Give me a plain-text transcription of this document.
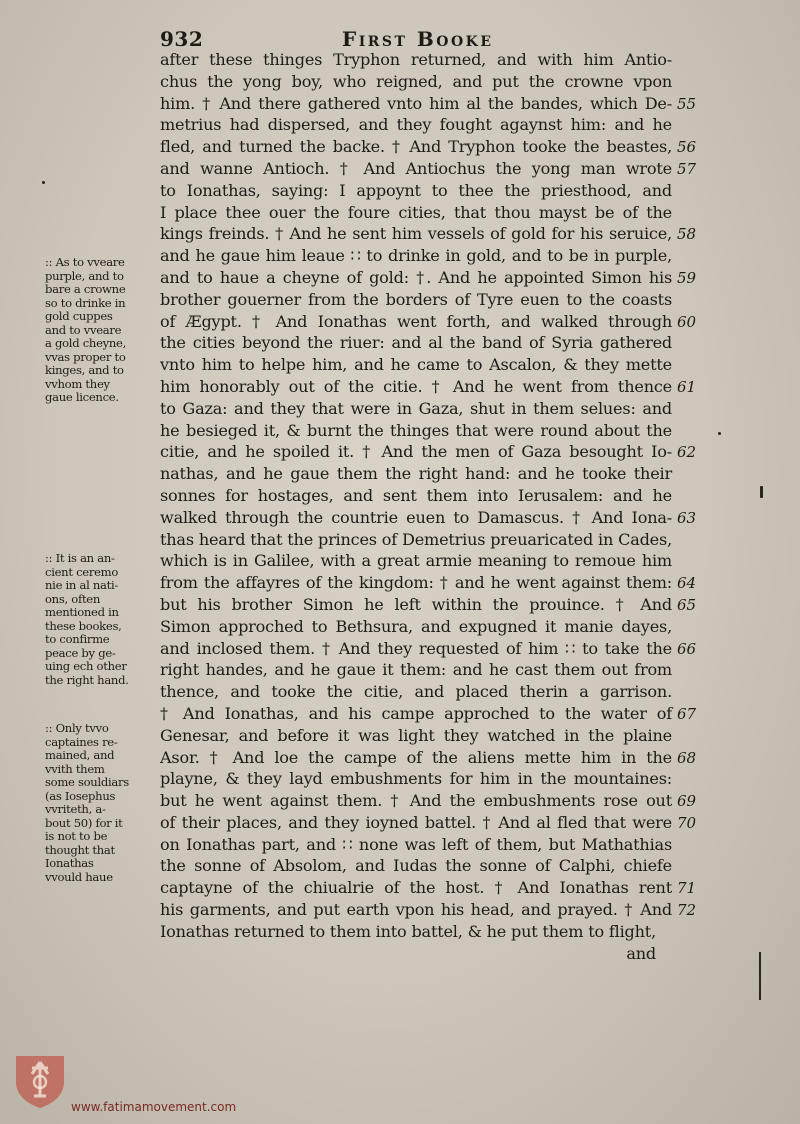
932	First Booke
after these thinges Tryphon returned, and with him Antio-
chus the yong boy, who reigned, and put the crowne vpon
him. † And there gathered vnto him al the bandes, which De-
metrius had dispersed, and they fought agaynst him: and he
fled, and turned the backe. † And Tryphon tooke the beastes,
and wanne Antioch. † And Antiochus the yong man wrote
to Ionathas, saying: I appoynt to thee the priesthood, and
I place thee ouer the foure cities, that thou mayst be of the
kings freinds. † And he sent him vessels of gold for his seruice,
and he gaue him leaue ∷ to drinke in gold, and to be in purple,
and to haue a cheyne of gold: †. And he appointed Simon his
brother gouerner from the borders of Tyre euen to the coasts
of Ægypt. † And Ionathas went forth, and walked through
the cities beyond the riuer: and al the band of Syria gathered
vnto him to helpe him, and he came to Ascalon, & they mette
him honorably out of the citie. † And he went from thence
to Gaza: and they that were in Gaza, shut in them selues: and
he besieged it, & burnt the thinges that were round about the
citie, and he spoiled it. † And the men of Gaza besought Io-
nathas, and he gaue them the right hand: and he tooke their
sonnes for hostages, and sent them into Ierusalem: and he
walked through the countrie euen to Damascus. † And Iona-
thas heard that the princes of Demetrius preuaricated in Cades,
which is in Galilee, with a great armie meaning to remoue him
from the affayres of the kingdom: † and he went against them:
but his brother Simon he left within the prouince. † And
Simon approched to Bethsura, and expugned it manie dayes,
and inclosed them. † And they requested of him ∷ to take the
right handes, and he gaue it them: and he cast them out from
thence, and tooke the citie, and placed therin a garrison.
† And Ionathas, and his campe approched to the water of
Genesar, and before it was light they watched in the plaine
Asor. † And loe the campe of the aliens mette him in the
playne, & they layd embushments for him in the mountaines:
but he went against them. † And the embushments rose out
of their places, and they ioyned battel. † And al fled that were
on Ionathas part, and ∷ none was left of them, but Mathathias
the sonne of Absolom, and Iudas the sonne of Calphi, chiefe
captayne of the chiualrie of the host. † And Ionathas rent
his garments, and put earth vpon his head, and prayed. † And
Ionathas returned to them into battel, & he put them to flight,
and
55
56
57
58
59
60
61
62
63
64
65
66
67
68
69
70
71
72
:: As to vveare
purple, and to
bare a crowne
so to drinke in
gold cuppes
and to vveare
a gold cheyne,
vvas proper to
kinges, and to
vvhom they
gaue licence.
:: It is an an-
cient ceremo
nie in al nati-
ons, often
mentioned in
these bookes,
to confirme
peace by ge-
uing ech other
the right hand.
:: Only tvvo
captaines re-
mained, and
vvith them
some souldiars
(as Iosephus
vvriteth, a-
bout 50) for it
is not to be
thought that
Ionathas
vvould haue
www.fatimamovement.com
